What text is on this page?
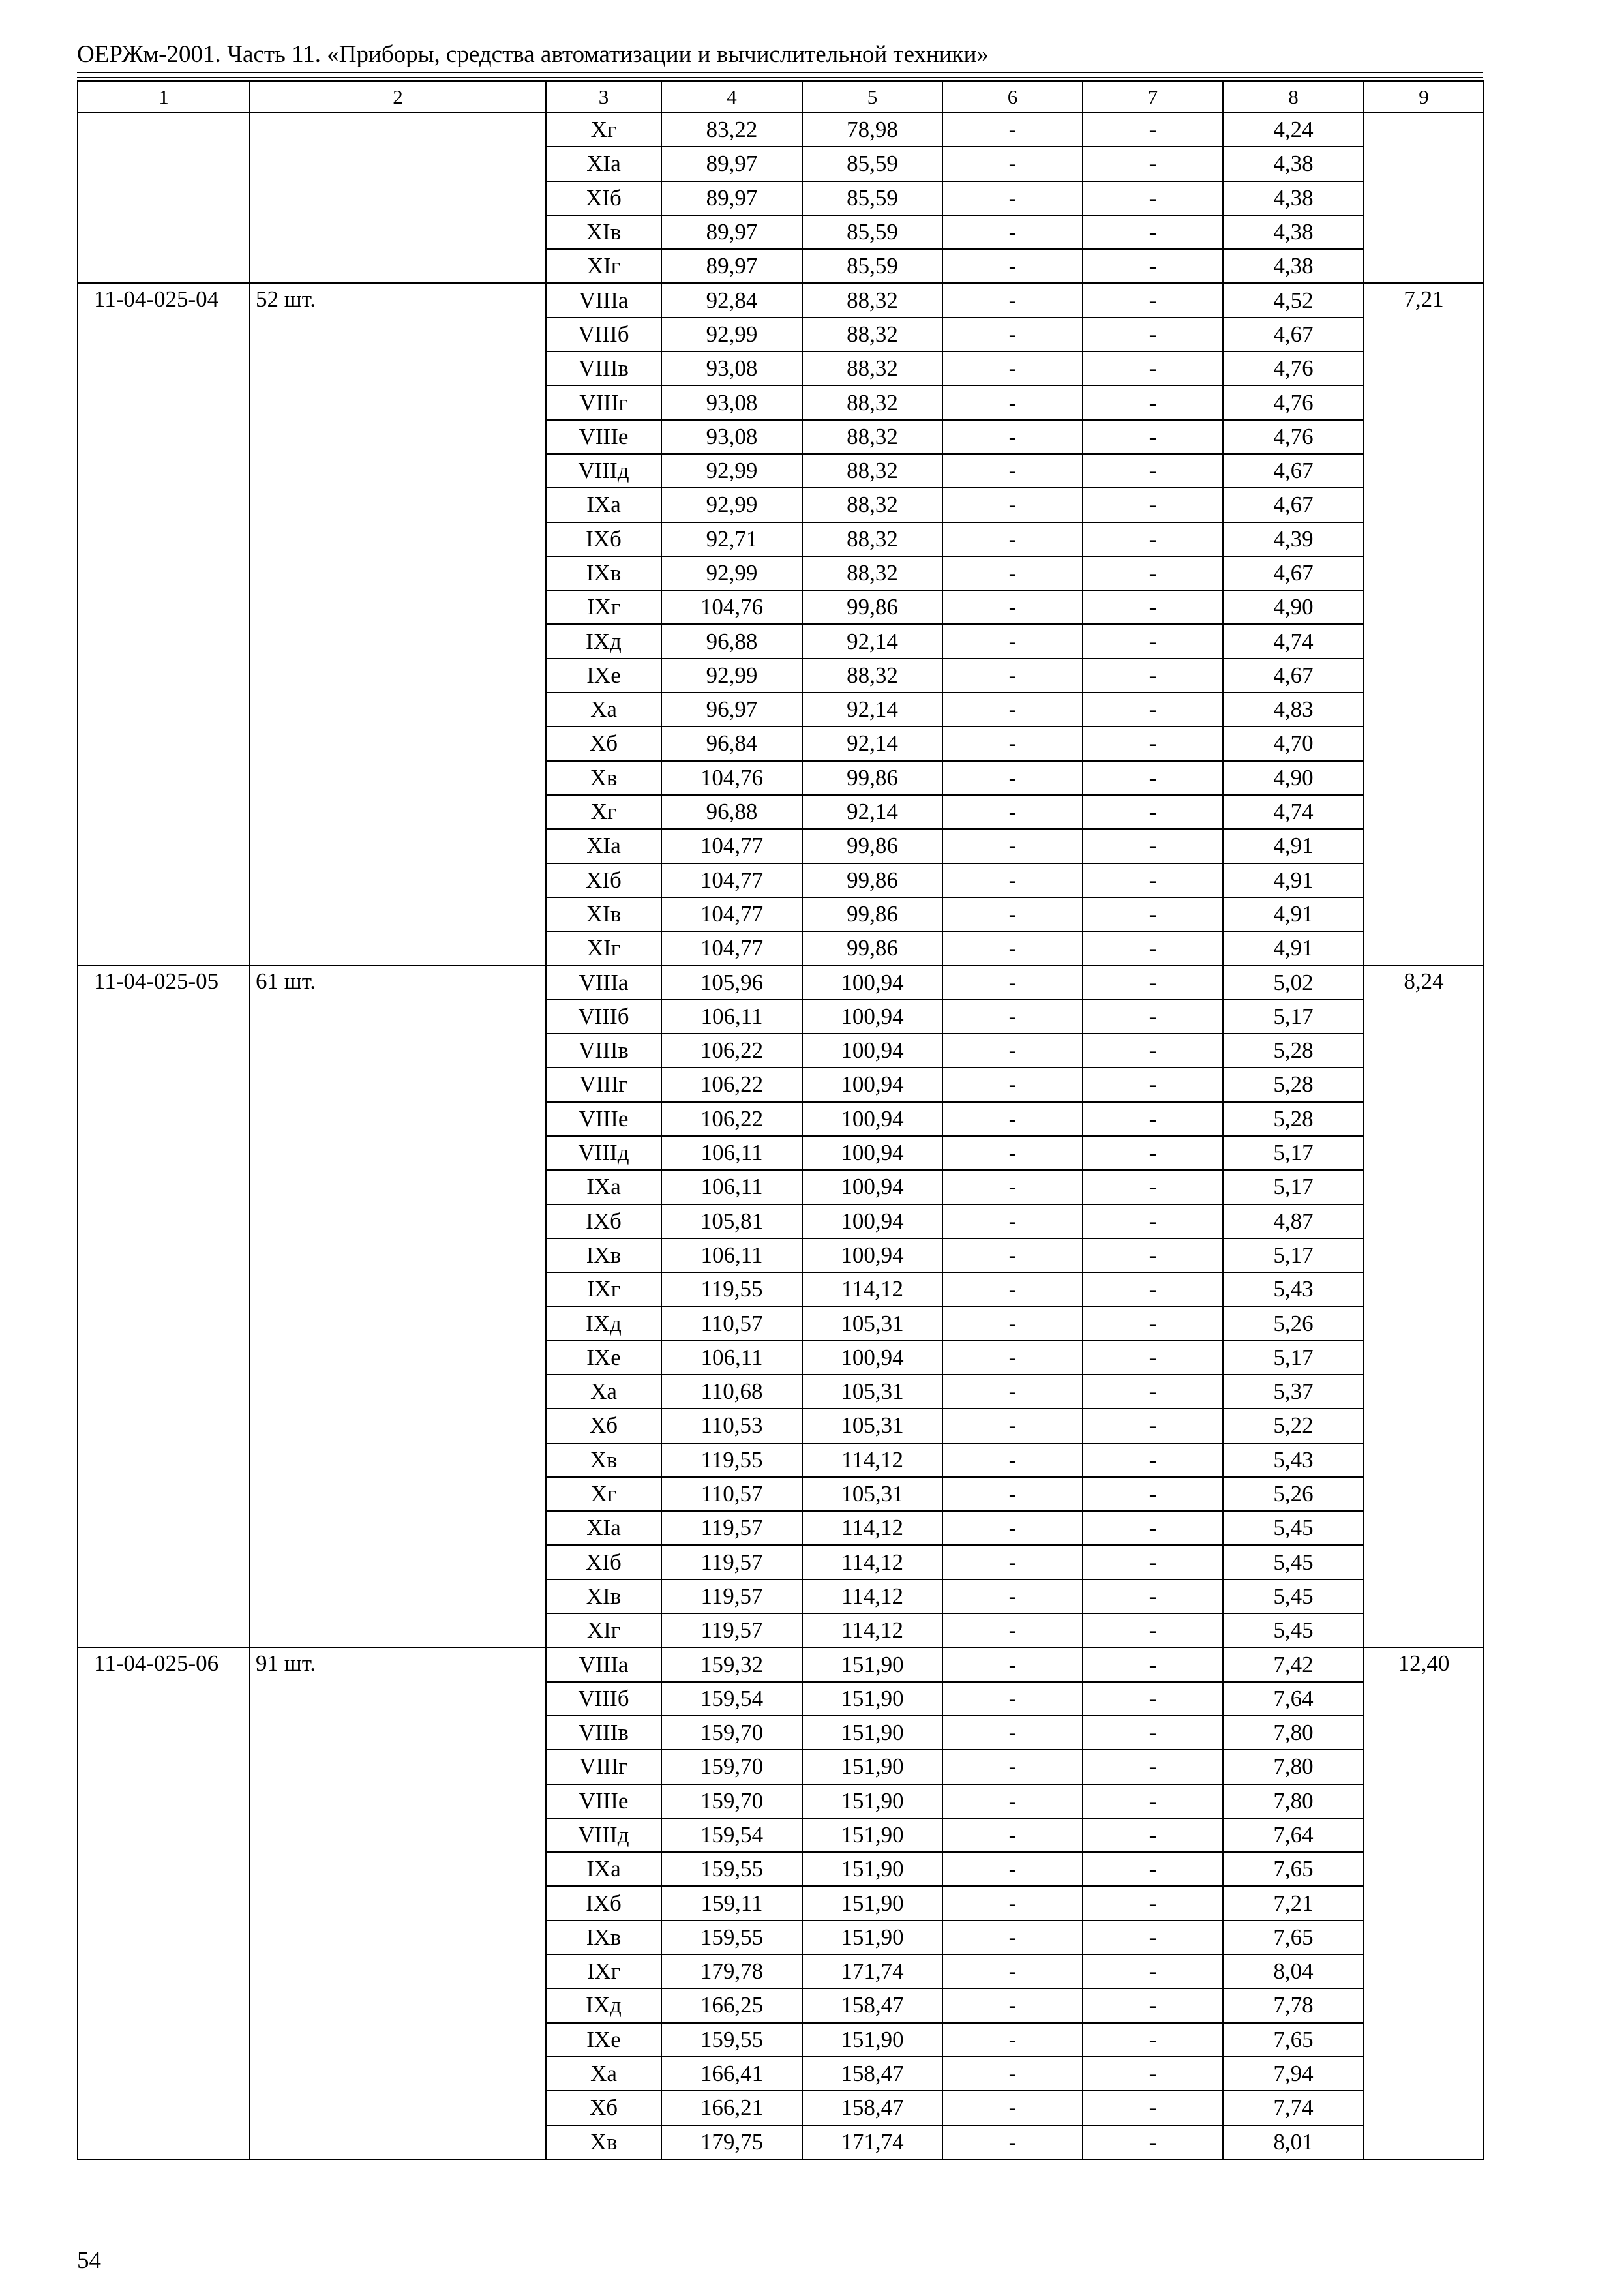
ОЕРЖм-2001. Часть 11. «Приборы, средства автоматизации и вычислительной техники»
1	2	3	4	5	6	7	8	9
		Xг	83,22	78,98	-	-	4,24	
		XIa	89,97	85,59	-	-	4,38	
		XIб	89,97	85,59	-	-	4,38	
		XIв	89,97	85,59	-	-	4,38	
		XIг	89,97	85,59	-	-	4,38	
11-04-025-04	52 шт.	VIIIa	92,84	88,32	-	-	4,52	7,21
		VIIIб	92,99	88,32	-	-	4,67	
		VIIIв	93,08	88,32	-	-	4,76	
		VIIIг	93,08	88,32	-	-	4,76	
		VIIIe	93,08	88,32	-	-	4,76	
		VIIIд	92,99	88,32	-	-	4,67	
		IXa	92,99	88,32	-	-	4,67	
		IXб	92,71	88,32	-	-	4,39	
		IXв	92,99	88,32	-	-	4,67	
		IXг	104,76	99,86	-	-	4,90	
		IXд	96,88	92,14	-	-	4,74	
		IXe	92,99	88,32	-	-	4,67	
		Xa	96,97	92,14	-	-	4,83	
		Xб	96,84	92,14	-	-	4,70	
		Xв	104,76	99,86	-	-	4,90	
		Xг	96,88	92,14	-	-	4,74	
		XIa	104,77	99,86	-	-	4,91	
		XIб	104,77	99,86	-	-	4,91	
		XIв	104,77	99,86	-	-	4,91	
		XIг	104,77	99,86	-	-	4,91	
11-04-025-05	61 шт.	VIIIa	105,96	100,94	-	-	5,02	8,24
		VIIIб	106,11	100,94	-	-	5,17	
		VIIIв	106,22	100,94	-	-	5,28	
		VIIIг	106,22	100,94	-	-	5,28	
		VIIIe	106,22	100,94	-	-	5,28	
		VIIIд	106,11	100,94	-	-	5,17	
		IXa	106,11	100,94	-	-	5,17	
		IXб	105,81	100,94	-	-	4,87	
		IXв	106,11	100,94	-	-	5,17	
		IXг	119,55	114,12	-	-	5,43	
		IXд	110,57	105,31	-	-	5,26	
		IXe	106,11	100,94	-	-	5,17	
		Xa	110,68	105,31	-	-	5,37	
		Xб	110,53	105,31	-	-	5,22	
		Xв	119,55	114,12	-	-	5,43	
		Xг	110,57	105,31	-	-	5,26	
		XIa	119,57	114,12	-	-	5,45	
		XIб	119,57	114,12	-	-	5,45	
		XIв	119,57	114,12	-	-	5,45	
		XIг	119,57	114,12	-	-	5,45	
11-04-025-06	91 шт.	VIIIa	159,32	151,90	-	-	7,42	12,40
		VIIIб	159,54	151,90	-	-	7,64	
		VIIIв	159,70	151,90	-	-	7,80	
		VIIIг	159,70	151,90	-	-	7,80	
		VIIIe	159,70	151,90	-	-	7,80	
		VIIIд	159,54	151,90	-	-	7,64	
		IXa	159,55	151,90	-	-	7,65	
		IXб	159,11	151,90	-	-	7,21	
		IXв	159,55	151,90	-	-	7,65	
		IXг	179,78	171,74	-	-	8,04	
		IXд	166,25	158,47	-	-	7,78	
		IXe	159,55	151,90	-	-	7,65	
		Xa	166,41	158,47	-	-	7,94	
		Xб	166,21	158,47	-	-	7,74	
		Xв	179,75	171,74	-	-	8,01	
54
